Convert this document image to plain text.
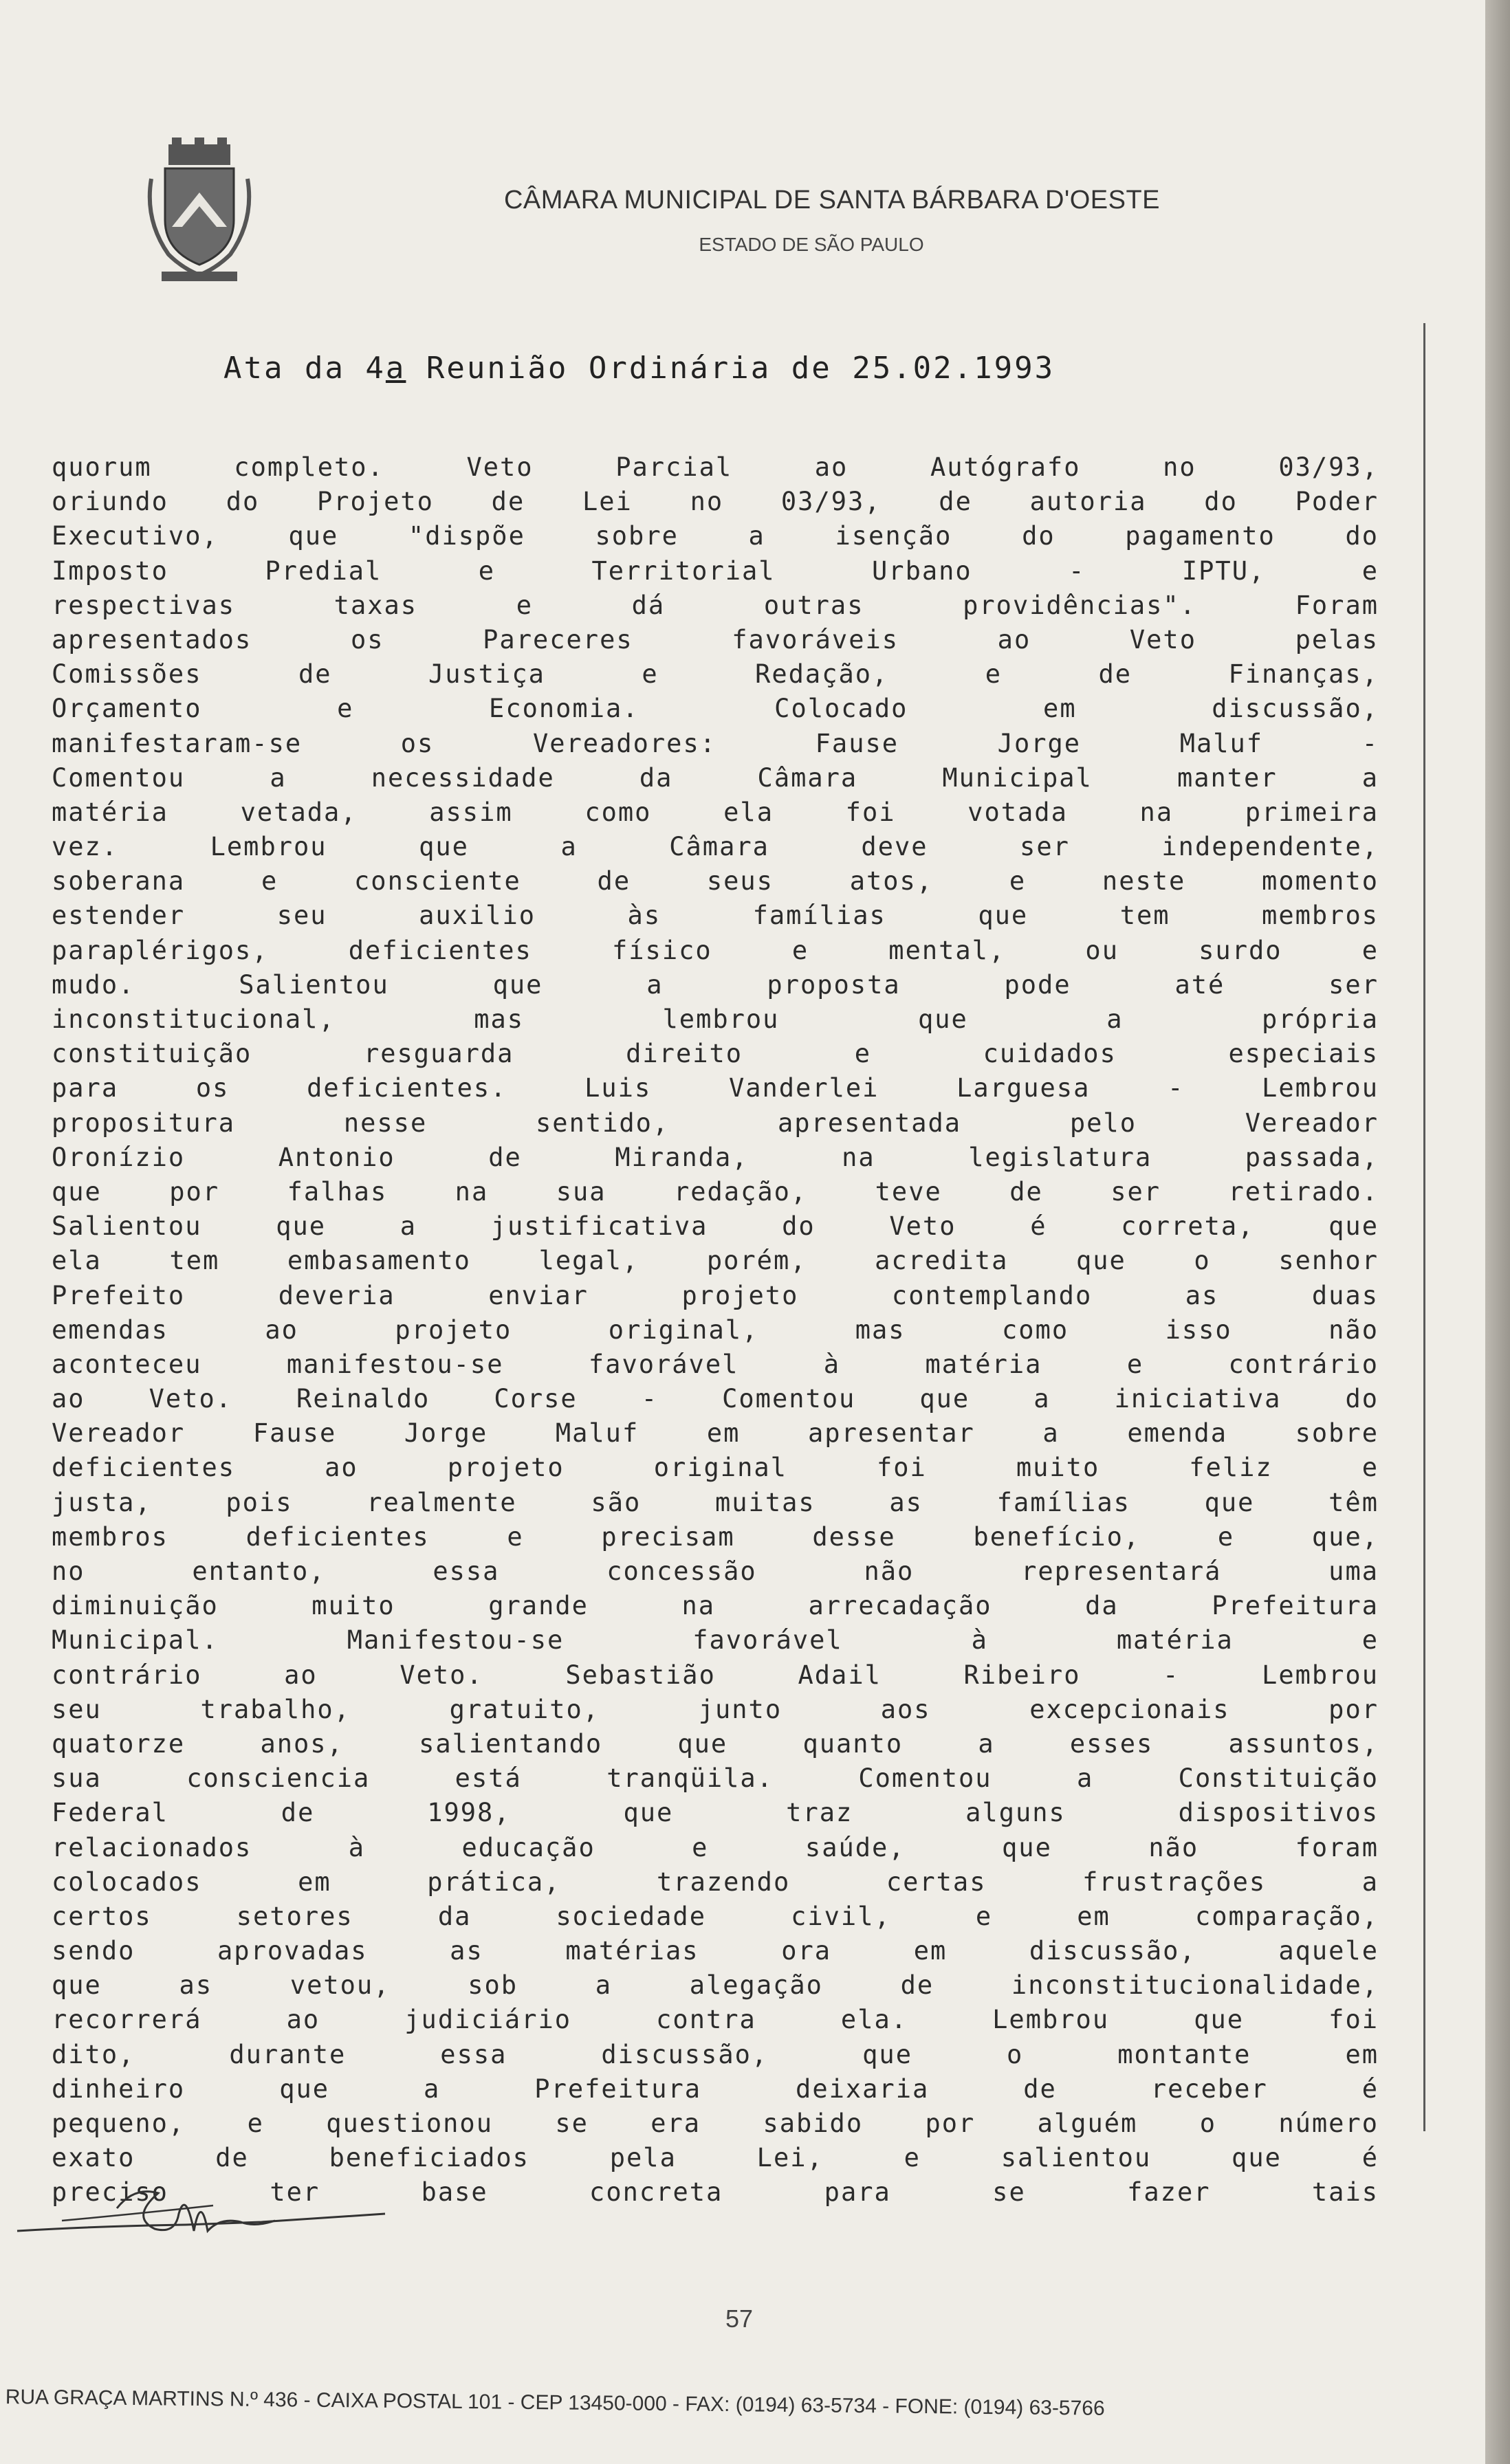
CÂMARA MUNICIPAL DE SANTA BÁRBARA D'OESTE
ESTADO DE SÃO PAULO
Ata da 4a Reunião Ordinária de 25.02.1993
quorum completo. Veto Parcial ao Autógrafo no 03/93,
oriundo do Projeto de Lei no 03/93, de autoria do Poder
Executivo, que "dispõe sobre a isenção do pagamento do
Imposto Predial e Territorial Urbano - IPTU, e
respectivas taxas e dá outras providências". Foram
apresentados os Pareceres favoráveis ao Veto pelas
Comissões de Justiça e Redação, e de Finanças,
Orçamento e Economia. Colocado em discussão,
manifestaram-se os Vereadores: Fause Jorge Maluf -
Comentou a necessidade da Câmara Municipal manter a
matéria vetada, assim como ela foi votada na primeira
vez. Lembrou que a Câmara deve ser independente,
soberana e consciente de seus atos, e neste momento
estender seu auxilio às famílias que tem membros
paraplérigos, deficientes físico e mental, ou surdo e
mudo. Salientou que a proposta pode até ser
inconstitucional, mas lembrou que a própria
constituição resguarda direito e cuidados especiais
para os deficientes. Luis Vanderlei Larguesa - Lembrou
propositura nesse sentido, apresentada pelo Vereador
Oronízio Antonio de Miranda, na legislatura passada,
que por falhas na sua redação, teve de ser retirado.
Salientou que a justificativa do Veto é correta, que
ela tem embasamento legal, porém, acredita que o senhor
Prefeito deveria enviar projeto contemplando as duas
emendas ao projeto original, mas como isso não
aconteceu manifestou-se favorável à matéria e contrário
ao Veto. Reinaldo Corse - Comentou que a iniciativa do
Vereador Fause Jorge Maluf em apresentar a emenda sobre
deficientes ao projeto original foi muito feliz e
justa, pois realmente são muitas as famílias que têm
membros deficientes e precisam desse benefício, e que,
no entanto, essa concessão não representará uma
diminuição muito grande na arrecadação da Prefeitura
Municipal. Manifestou-se favorável à matéria e
contrário ao Veto. Sebastião Adail Ribeiro - Lembrou
seu trabalho, gratuito, junto aos excepcionais por
quatorze anos, salientando que quanto a esses assuntos,
sua consciencia está tranqüila. Comentou a Constituição
Federal de 1998, que traz alguns dispositivos
relacionados à educação e saúde, que não foram
colocados em prática, trazendo certas frustrações a
certos setores da sociedade civil, e em comparação,
sendo aprovadas as matérias ora em discussão, aquele
que as vetou, sob a alegação de inconstitucionalidade,
recorrerá ao judiciário contra ela. Lembrou que foi
dito, durante essa discussão, que o montante em
dinheiro que a Prefeitura deixaria de receber é
pequeno, e questionou se era sabido por alguém o número
exato de beneficiados pela Lei, e salientou que é
preciso ter base concreta para se fazer tais
57
RUA GRAÇA MARTINS N.º 436 - CAIXA POSTAL 101 - CEP 13450-000 - FAX: (0194) 63-5734 - FONE: (0194) 63-5766
